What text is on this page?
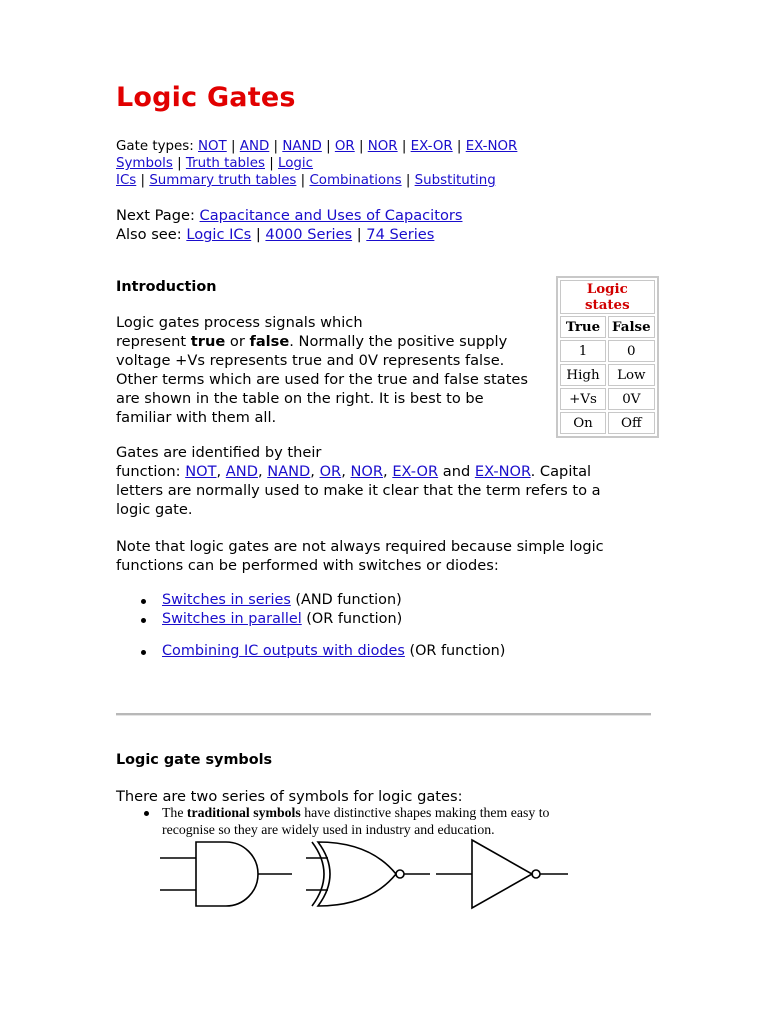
Logic Gates
Gate types: NOT | AND | NAND | OR | NOR | EX-OR | EX-NOR
Symbols | Truth tables | Logic
ICs | Summary truth tables | Combinations | Substituting
Next Page: Capacitance and Uses of Capacitors
Also see: Logic ICs | 4000 Series | 74 Series
Introduction
Logic gates process signals which
represent true or false. Normally the positive supply
voltage +Vs represents true and 0V represents false.
Other terms which are used for the true and false states
are shown in the table on the right. It is best to be
familiar with them all.
Logic states	
True	False
1	0
High	Low
+Vs	0V
On	Off
Gates are identified by their
function: NOT, AND, NAND, OR, NOR, EX-OR and EX-NOR. Capital
letters are normally used to make it clear that the term refers to a
logic gate.
Note that logic gates are not always required because simple logic
functions can be performed with switches or diodes:
Switches in series (AND function)
Switches in parallel (OR function)
Combining IC outputs with diodes (OR function)
Logic gate symbols
There are two series of symbols for logic gates:
The traditional symbols have distinctive shapes making them easy to
recognise so they are widely used in industry and education.
